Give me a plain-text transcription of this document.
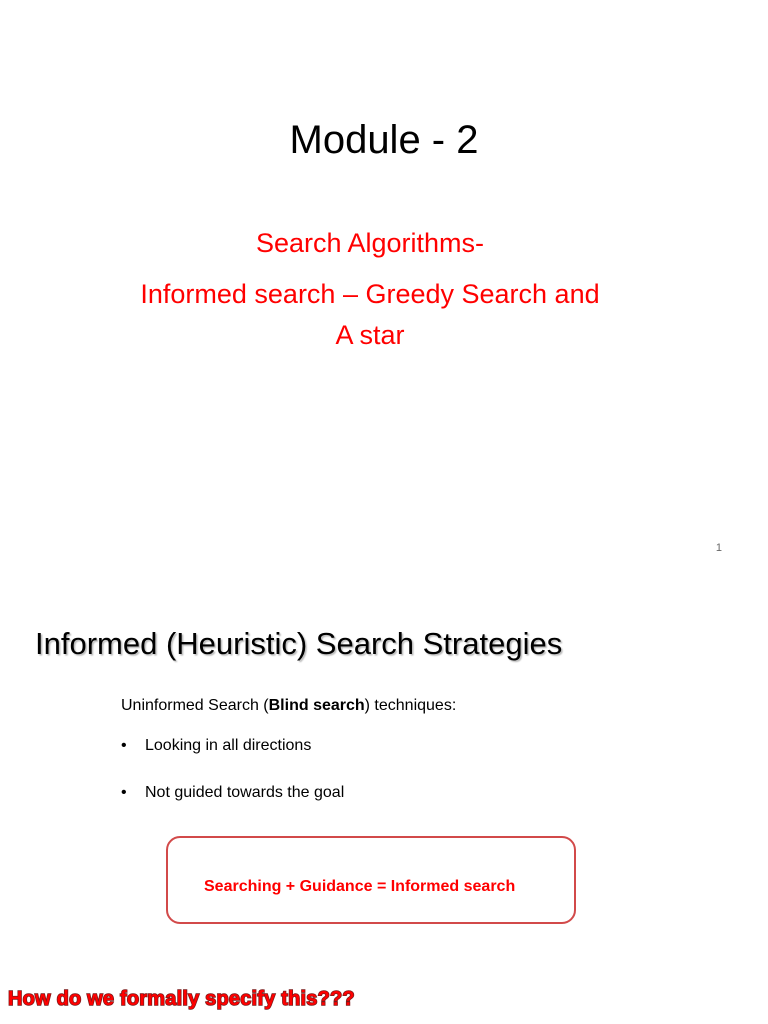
Module - 2
Search Algorithms-
Informed search – Greedy Search and
A star
1
Informed (Heuristic) Search Strategies
Uninformed Search (Blind search) techniques:
• Looking in all directions
• Not guided towards the goal
Searching + Guidance = Informed search
How do we formally specify this???
